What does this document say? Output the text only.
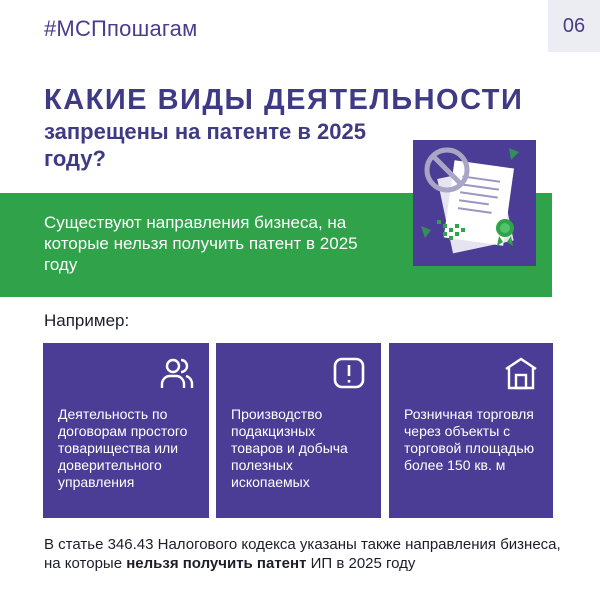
#МСПпошагам	06
КАКИЕ ВИДЫ ДЕЯТЕЛЬНОСТИ
запрещены на патенте в 2025 году?
Существуют направления бизнеса, на которые нельзя получить патент в 2025 году
Например:
Деятельность по договорам простого товарищества или доверительного управления
Производство подакцизных товаров и добыча полезных ископаемых
Розничная торговля через объекты с торговой площадью более 150 кв. м
В статье 346.43 Налогового кодекса указаны также направления бизнеса, на которые нельзя получить патент ИП в 2025 году
